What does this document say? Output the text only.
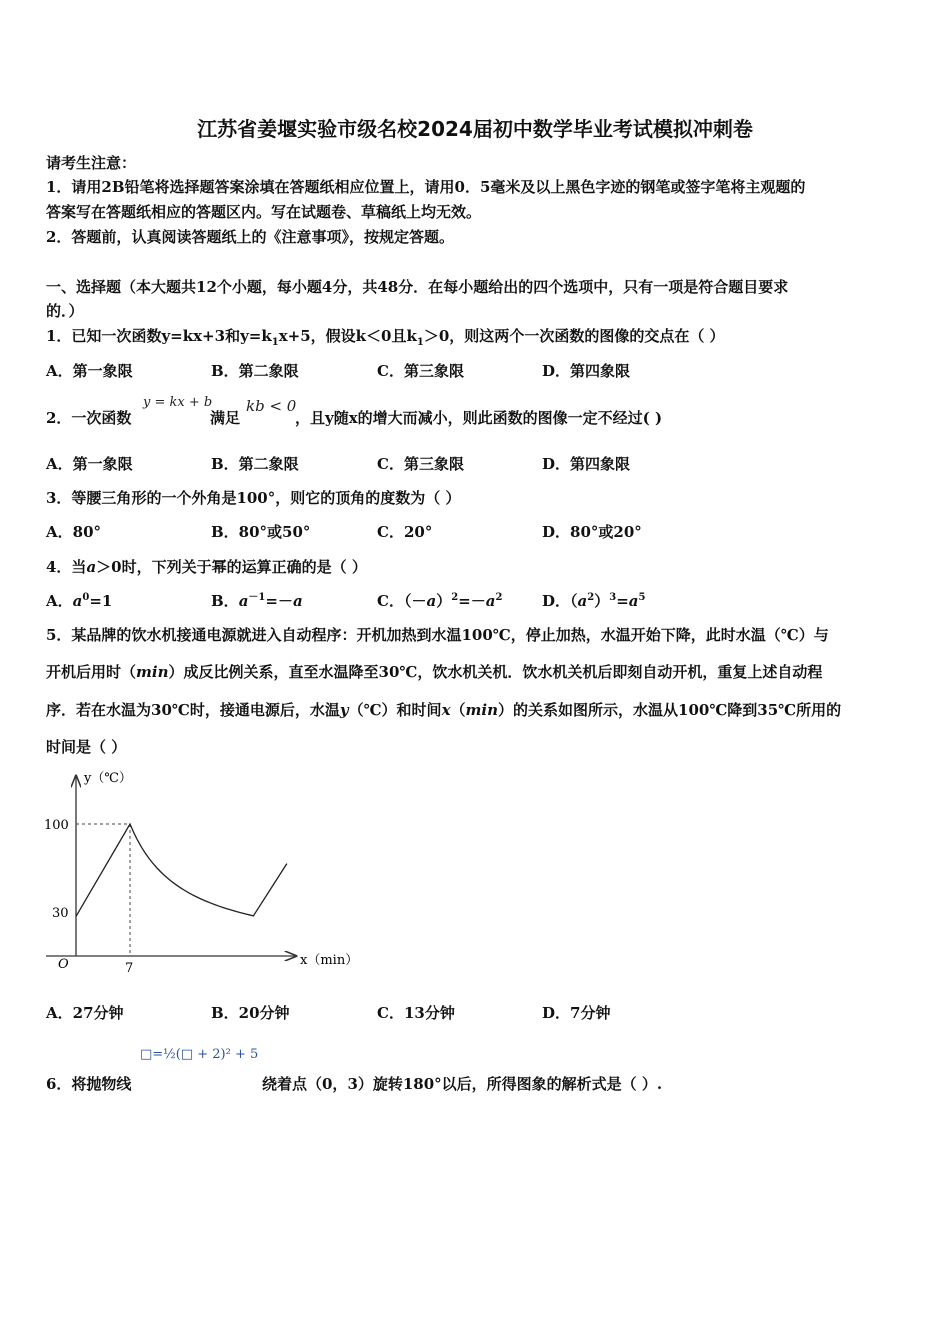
江苏省姜堰实验市级名校2024届初中数学毕业考试模拟冲刺卷
请考生注意：
1．请用2B铅笔将选择题答案涂填在答题纸相应位置上，请用0．5毫米及以上黑色字迹的钢笔或签字笔将主观题的
答案写在答题纸相应的答题区内。写在试题卷、草稿纸上均无效。
2．答题前，认真阅读答题纸上的《注意事项》，按规定答题。
一、选择题（本大题共12个小题，每小题4分，共48分．在每小题给出的四个选项中，只有一项是符合题目要求
的．）
1．已知一次函数y=kx+3和$y=k_1x+5$，假设k＜0且$k_1>0$，则这两个一次函数的图像的交点在（ ）
A．第一象限	B．第二象限	C．第三象限	D．第四象限
y = kx + b kb < 0
2．一次函数	满足	，且y随x的增大而减小，则此函数的图像一定不经过( )
A．第一象限	B．第二象限	C．第三象限	D．第四象限
3．等腰三角形的一个外角是100°，则它的顶角的度数为（ ）
A．80°	B．80°或50°	C．20°	D．80°或20°
4．当a＞0时，下列关于幂的运算正确的是（ ）
A．$a^0=1$	B．$a^{-1}=-a$	C．$(-a)^2=-a^2$	D．$(a^2)^3=a^5$
5．某品牌的饮水机接通电源就进入自动程序：开机加热到水温100℃，停止加热，水温开始下降，此时水温（℃）与
开机后用时（min）成反比例关系，直至水温降至30℃，饮水机关机．饮水机关机后即刻自动开机，重复上述自动程
序．若在水温为30℃时，接通电源后，水温y（℃）和时间x（min）的关系如图所示，水温从100℃降到35℃所用的
时间是（ ）
y（℃）
x（min）
O
100
30
7
A．27分钟	B．20分钟	C．13分钟	D．7分钟
□=½(□ + 2)² + 5
6．将抛物线	绕着点（0，3）旋转180°以后，所得图象的解析式是（ ）.
